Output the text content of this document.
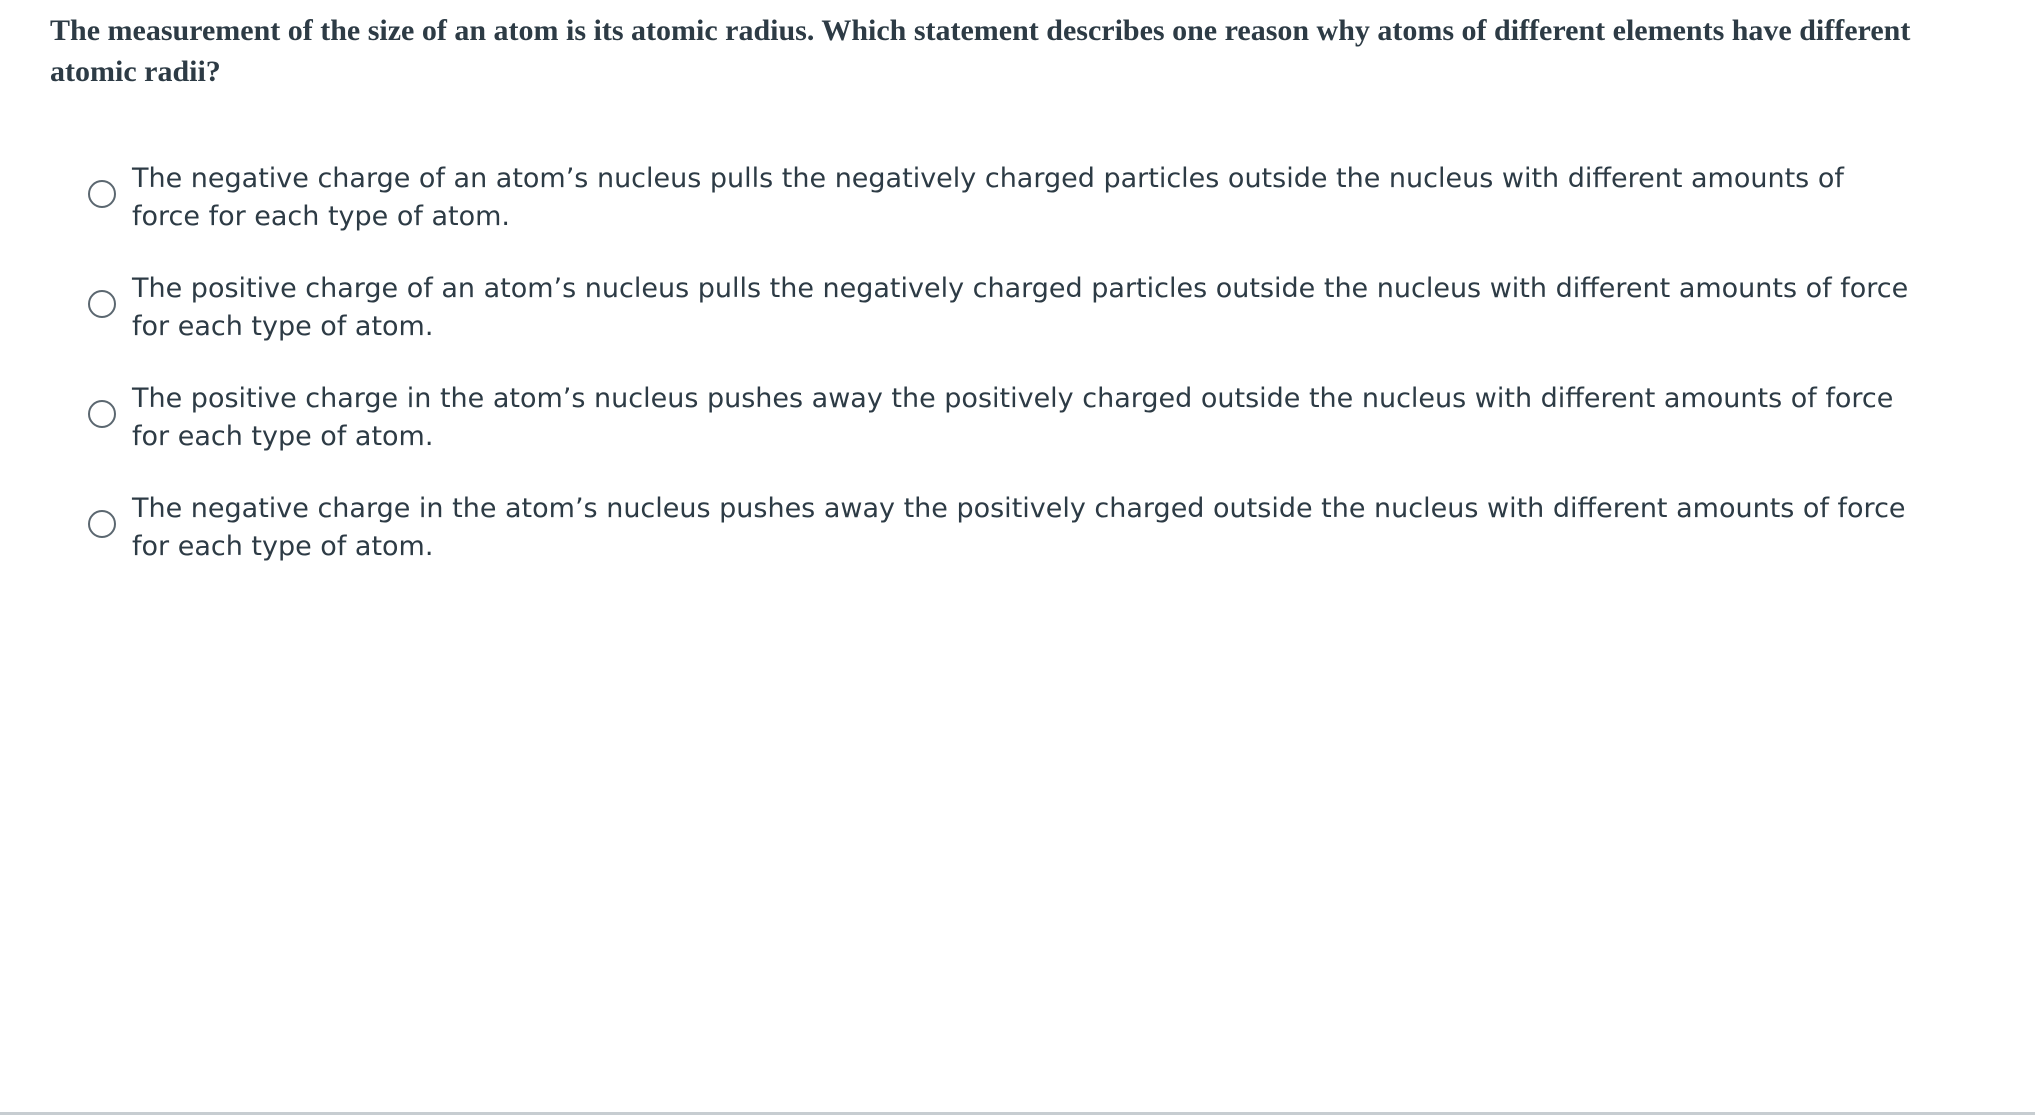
The measurement of the size of an atom is its atomic radius. Which statement describes one reason why atoms of different elements have different atomic radii?

The negative charge of an atom’s nucleus pulls the negatively charged particles outside the nucleus with different amounts of force for each type of atom.
The positive charge of an atom’s nucleus pulls the negatively charged particles outside the nucleus with different amounts of force for each type of atom.
The positive charge in the atom’s nucleus pushes away the positively charged outside the nucleus with different amounts of force for each type of atom.
The negative charge in the atom’s nucleus pushes away the positively charged outside the nucleus with different amounts of force for each type of atom.
